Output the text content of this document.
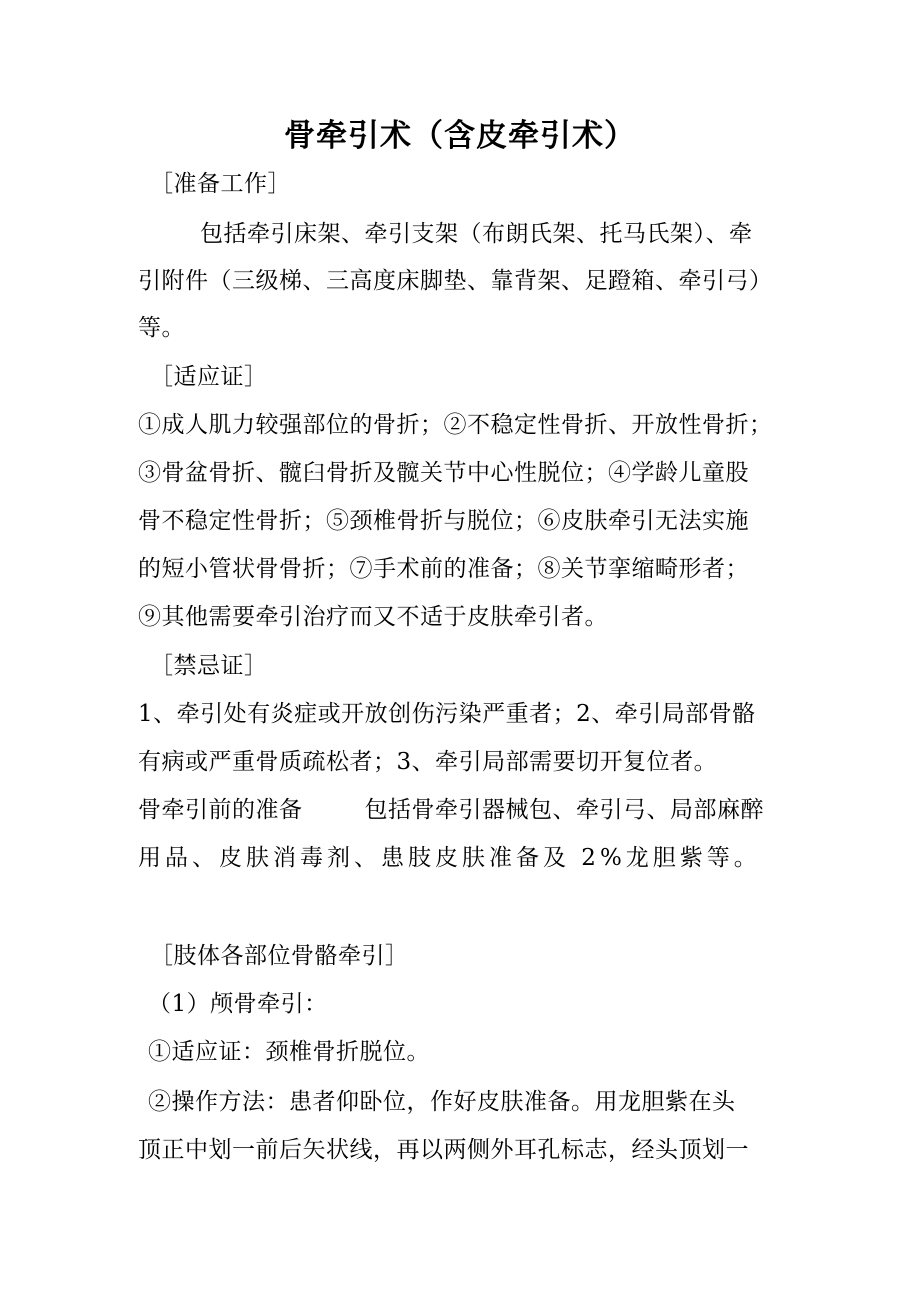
骨牵引术（含皮牵引术）
［准备工作］
包括牵引床架、牵引支架（布朗氏架、托马氏架）、牵
引附件（三级梯、三高度床脚垫、靠背架、足蹬箱、牵引弓）
等。
［适应证］
①成人肌力较强部位的骨折；②不稳定性骨折、开放性骨折；
③骨盆骨折、髋臼骨折及髋关节中心性脱位；④学龄儿童股
骨不稳定性骨折；⑤颈椎骨折与脱位；⑥皮肤牵引无法实施
的短小管状骨骨折；⑦手术前的准备；⑧关节挛缩畸形者；
⑨其他需要牵引治疗而又不适于皮肤牵引者。
［禁忌证］
1、牵引处有炎症或开放创伤污染严重者；2、牵引局部骨骼
有病或严重骨质疏松者；3、牵引局部需要切开复位者。
骨牵引前的准备	包括骨牵引器械包、牵引弓、局部麻醉
用品、皮肤消毒剂、患肢皮肤准备及 2%龙胆紫等。
［肢体各部位骨骼牵引］
（1）颅骨牵引：
①适应证：颈椎骨折脱位。
②操作方法：患者仰卧位，作好皮肤准备。用龙胆紫在头
顶正中划一前后矢状线，再以两侧外耳孔标志，经头顶划一
